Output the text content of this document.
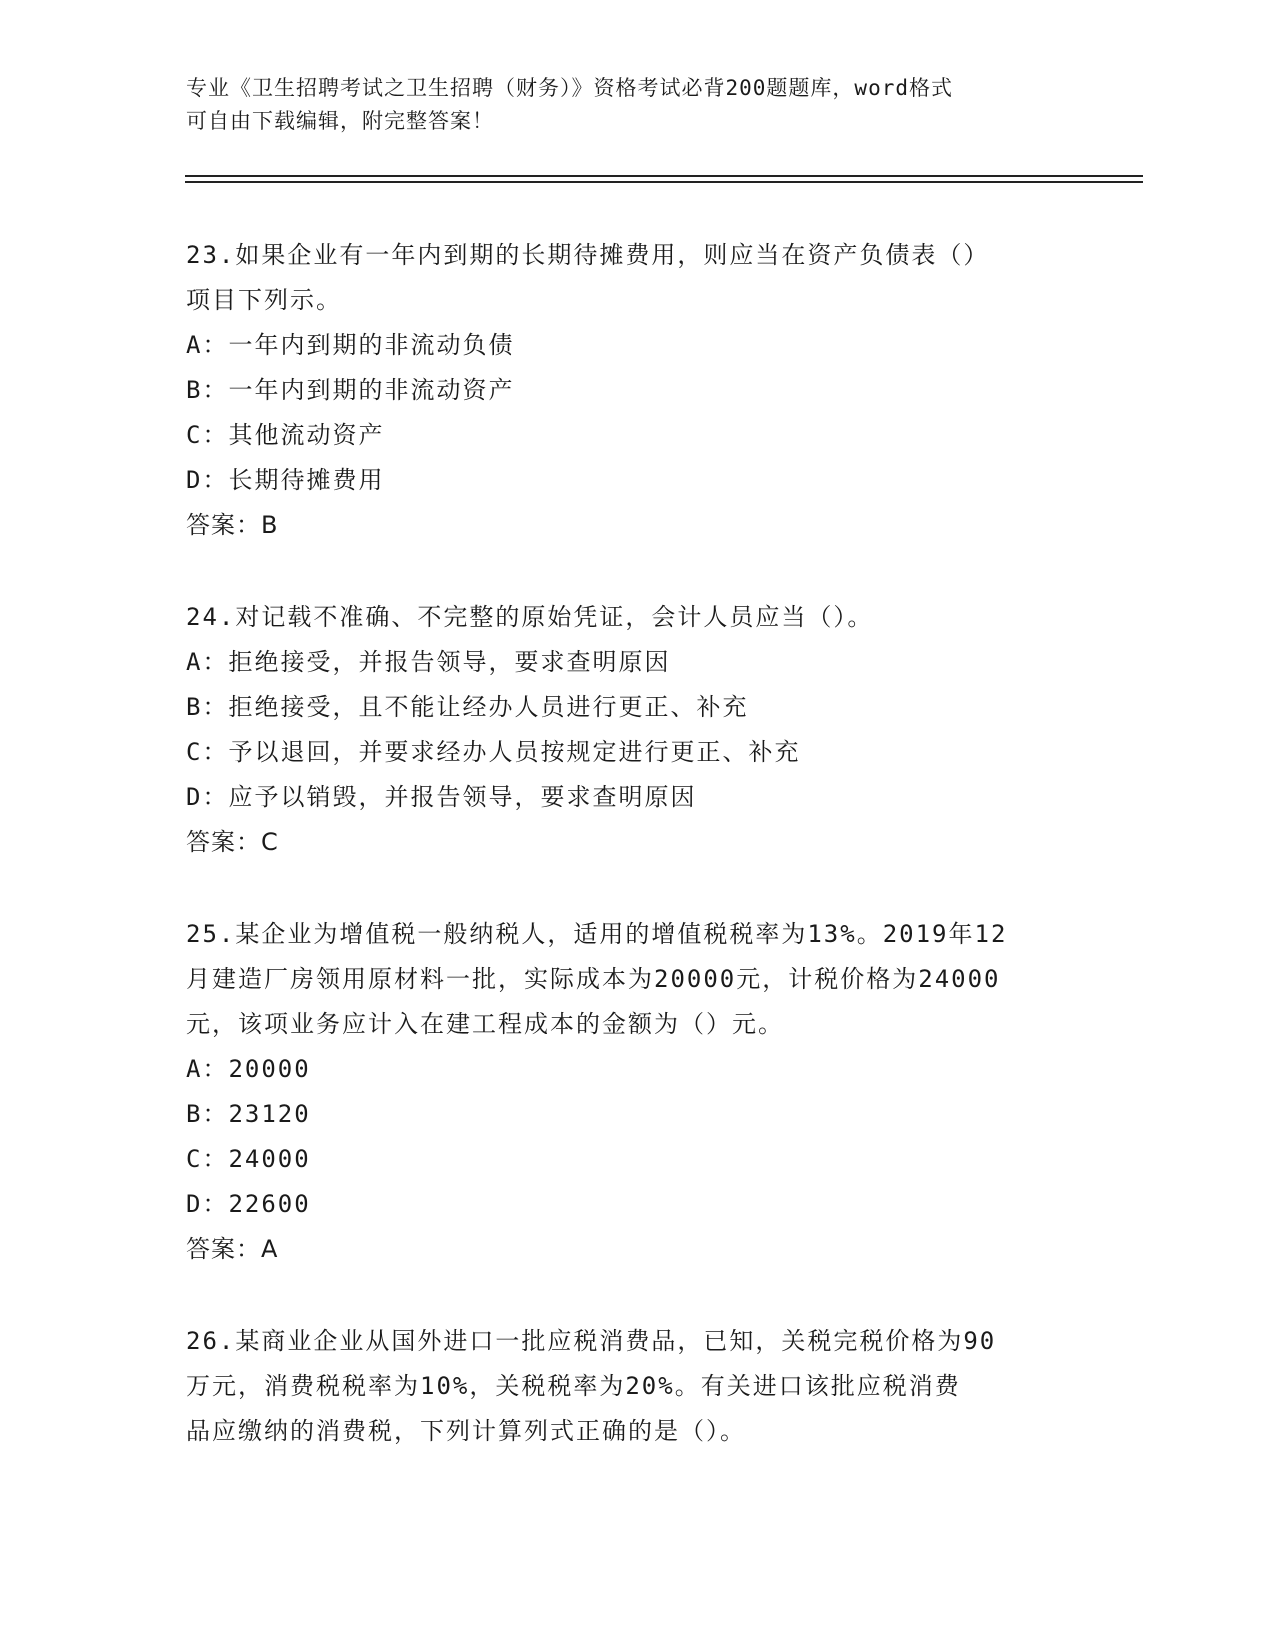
专业《卫生招聘考试之卫生招聘（财务）》资格考试必背200题题库，word格式
可自由下载编辑，附完整答案！

23.如果企业有一年内到期的长期待摊费用，则应当在资产负债表（）

项目下列示。

A：一年内到期的非流动负债

B：一年内到期的非流动资产

C：其他流动资产

D：长期待摊费用

答案：B

24.对记载不准确、不完整的原始凭证，会计人员应当（）。

A：拒绝接受，并报告领导，要求查明原因

B：拒绝接受，且不能让经办人员进行更正、补充

C：予以退回，并要求经办人员按规定进行更正、补充

D：应予以销毁，并报告领导，要求查明原因

答案：C

25.某企业为增值税一般纳税人，适用的增值税税率为13%。2019年12

月建造厂房领用原材料一批，实际成本为20000元，计税价格为24000

元，该项业务应计入在建工程成本的金额为（）元。

A：20000

B：23120

C：24000

D：22600

答案：A

26.某商业企业从国外进口一批应税消费品，已知，关税完税价格为90

万元，消费税税率为10%，关税税率为20%。有关进口该批应税消费

品应缴纳的消费税，下列计算列式正确的是（）。
